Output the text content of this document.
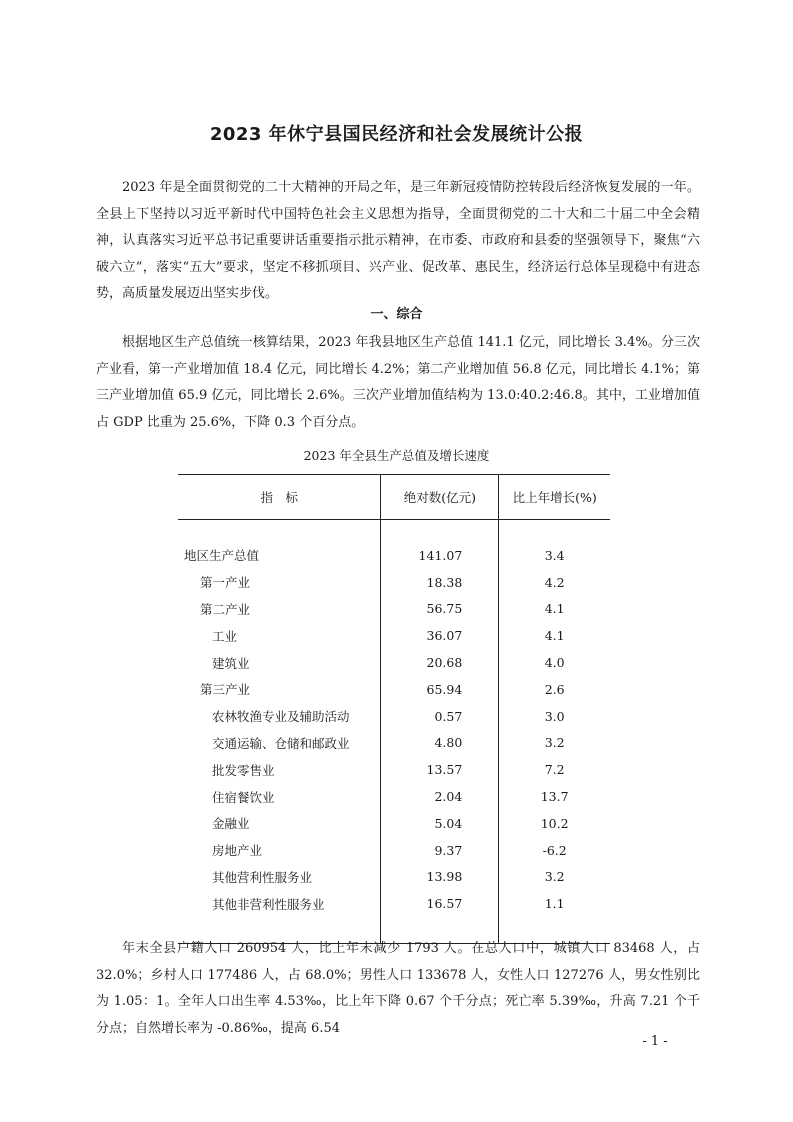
2023 年休宁县国民经济和社会发展统计公报

2023 年是全面贯彻党的二十大精神的开局之年，是三年新冠疫情防控转段后经济恢复发展的一年。全县上下坚持以习近平新时代中国特色社会主义思想为指导，全面贯彻党的二十大和二十届二中全会精神，认真落实习近平总书记重要讲话重要指示批示精神，在市委、市政府和县委的坚强领导下，聚焦“六破六立”，落实“五大”要求，坚定不移抓项目、兴产业、促改革、惠民生，经济运行总体呈现稳中有进态势，高质量发展迈出坚实步伐。

一、综合

根据地区生产总值统一核算结果，2023 年我县地区生产总值 141.1 亿元，同比增长 3.4%。分三次产业看，第一产业增加值 18.4 亿元，同比增长 4.2%；第二产业增加值 56.8 亿元，同比增长 4.1%；第三产业增加值 65.9 亿元，同比增长 2.6%。三次产业增加值结构为 13.0:40.2:46.8。其中，工业增加值占 GDP 比重为 25.6%，下降 0.3 个百分点。

2023 年全县生产总值及增长速度
指　标	绝对数(亿元)	比上年增长(%)

地区生产总值	141.07	3.4
第一产业	18.38	4.2
第二产业	56.75	4.1
工业	36.07	4.1
建筑业	20.68	4.0
第三产业	65.94	2.6
农林牧渔专业及辅助活动	0.57	3.0
交通运输、仓储和邮政业	4.80	3.2
批发零售业	13.57	7.2
住宿餐饮业	2.04	13.7
金融业	5.04	10.2
房地产业	9.37	-6.2
其他营利性服务业	13.98	3.2
其他非营利性服务业	16.57	1.1

年末全县户籍人口 260954 人，比上年末减少 1793 人。在总人口中，城镇人口 83468 人，占 32.0%；乡村人口 177486 人，占 68.0%；男性人口 133678 人，女性人口 127276 人，男女性别比为 1.05：1。全年人口出生率 4.53‰，比上年下降 0.67 个千分点；死亡率 5.39‰，升高 7.21 个千分点；自然增长率为 -0.86‰，提高 6.54

- 1 -
